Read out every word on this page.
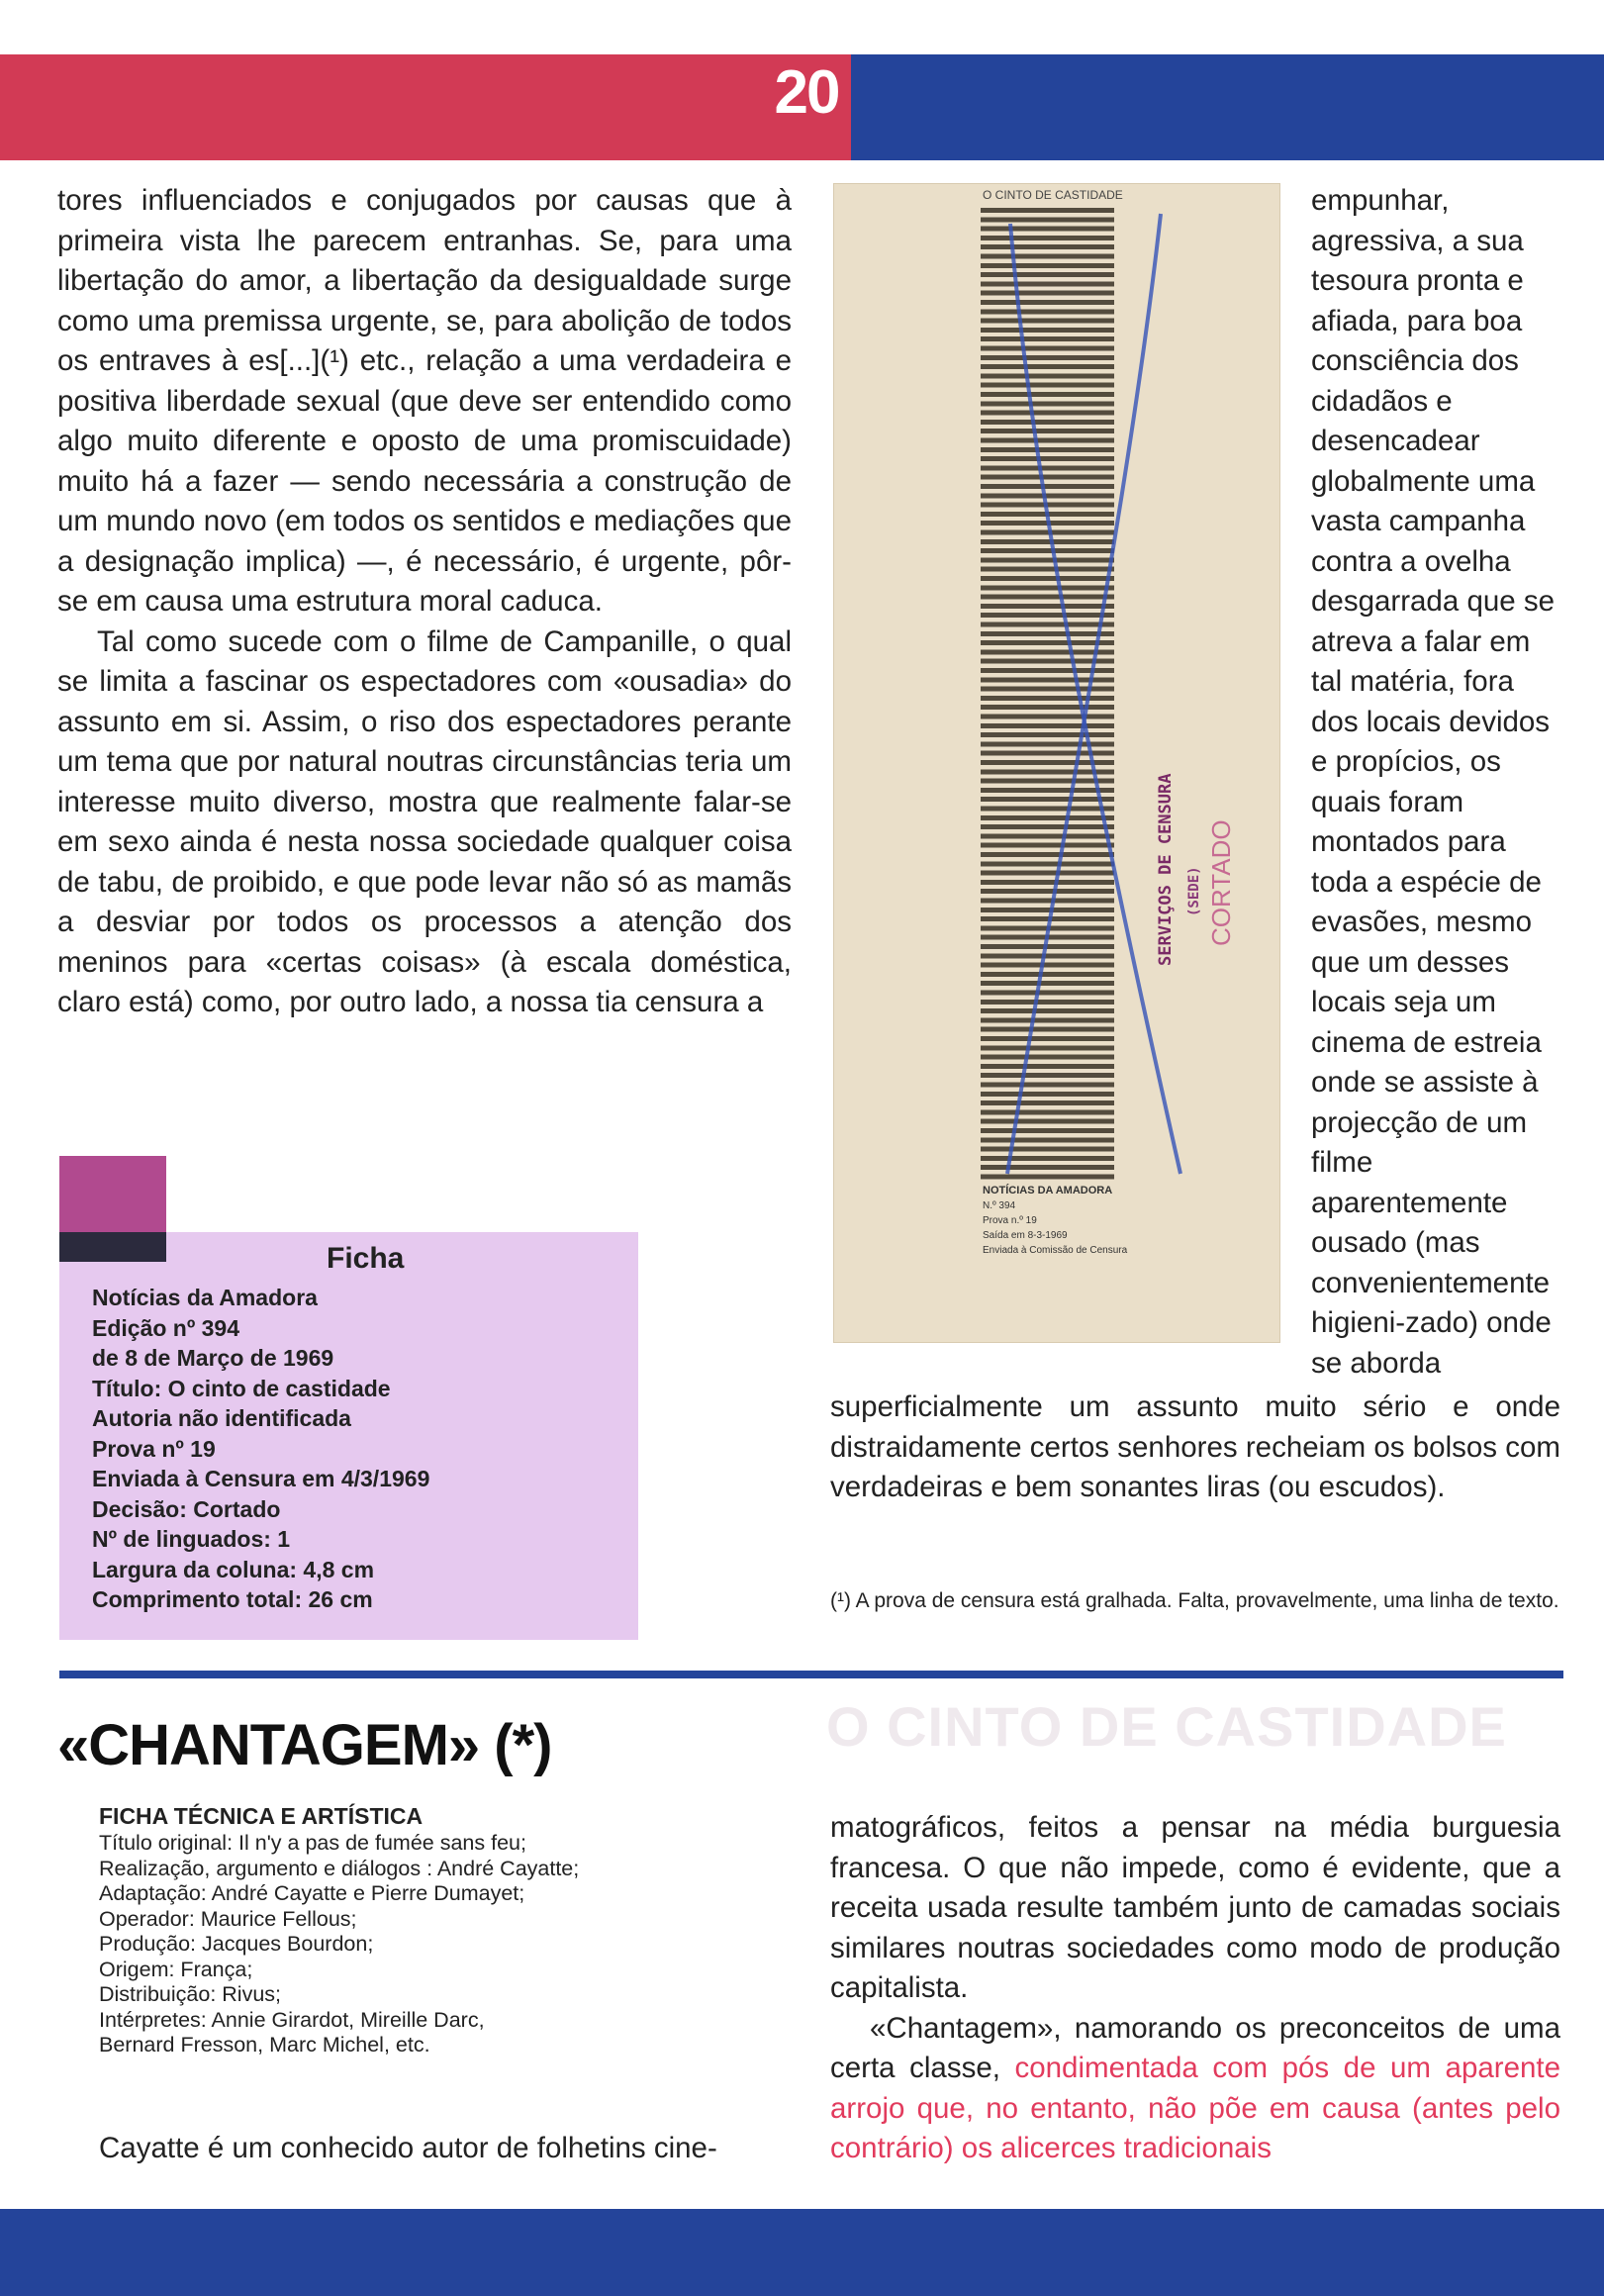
20

tores influenciados e conjugados por causas que à primeira vista lhe parecem entranhas. Se, para uma libertação do amor, a libertação da desigualdade surge como uma premissa urgente, se, para abolição de todos os entraves à es[...](¹) etc., relação a uma verdadeira e positiva liberdade sexual (que deve ser entendido como algo muito diferente e oposto de uma promiscuidade) muito há a fazer — sendo necessária a construção de um mundo novo (em todos os sentidos e mediações que a designação implica) —, é necessário, é urgente, pôr-se em causa uma estrutura moral caduca.

Tal como sucede com o filme de Campanille, o qual se limita a fascinar os espectadores com «ousadia» do assunto em si. Assim, o riso dos espectadores perante um tema que por natural noutras circunstâncias teria um interesse muito diverso, mostra que realmente falar-se em sexo ainda é nesta nossa sociedade qualquer coisa de tabu, de proibido, e que pode levar não só as mamãs a desviar por todos os processos a atenção dos meninos para «certas coisas» (à escala doméstica, claro está) como, por outro lado, a nossa tia censura a

O CINTO DE CASTIDADE
SERVIÇOS DE CENSURA (SEDE) CORTADO
NOTÍCIAS DA AMADORA
N.º 394
Prova n.º 19
Saída em 8-3-1969
Enviada à Comissão de Censura

empunhar, agressiva, a sua tesoura pronta e afiada, para boa consciência dos cidadãos e desencadear globalmente uma vasta campanha contra a ovelha desgarrada que se atreva a falar em tal matéria, fora dos locais devidos e propícios, os quais foram montados para toda a espécie de evasões, mesmo que um desses locais seja um cinema de estreia onde se assiste à projecção de um filme aparentemente ousado (mas convenientemente higieni-zado) onde se aborda

superficialmente um assunto muito sério e onde distraidamente certos senhores recheiam os bolsos com verdadeiras e bem sonantes liras (ou escudos).

(¹) A prova de censura está gralhada. Falta, provavelmente, uma linha de texto.
Ficha
Notícias da Amadora
Edição nº 394
de 8 de Março de 1969
Título: O cinto de castidade
Autoria não identificada
Prova nº 19
Enviada à Censura em 4/3/1969
Decisão: Cortado
Nº de linguados: 1
Largura da coluna: 4,8 cm
Comprimento total: 26 cm
O CINTO DE CASTIDADE
«CHANTAGEM» (*)
FICHA TÉCNICA E ARTÍSTICA
Título original: Il n'y a pas de fumée sans feu;
Realização, argumento e diálogos : André Cayatte;
Adaptação: André Cayatte e Pierre Dumayet;
Operador: Maurice Fellous;
Produção: Jacques Bourdon;
Origem: França;
Distribuição: Rivus;
Intérpretes: Annie Girardot, Mireille Darc,
Bernard Fresson, Marc Michel, etc.

Cayatte é um conhecido autor de folhetins cine-

matográficos, feitos a pensar na média burguesia francesa. O que não impede, como é evidente, que a receita usada resulte também junto de camadas sociais similares noutras sociedades como modo de produção capitalista.

«Chantagem», namorando os preconceitos de uma certa classe, condimentada com pós de um aparente arrojo que, no entanto, não põe em causa (antes pelo contrário) os alicerces tradicionais
